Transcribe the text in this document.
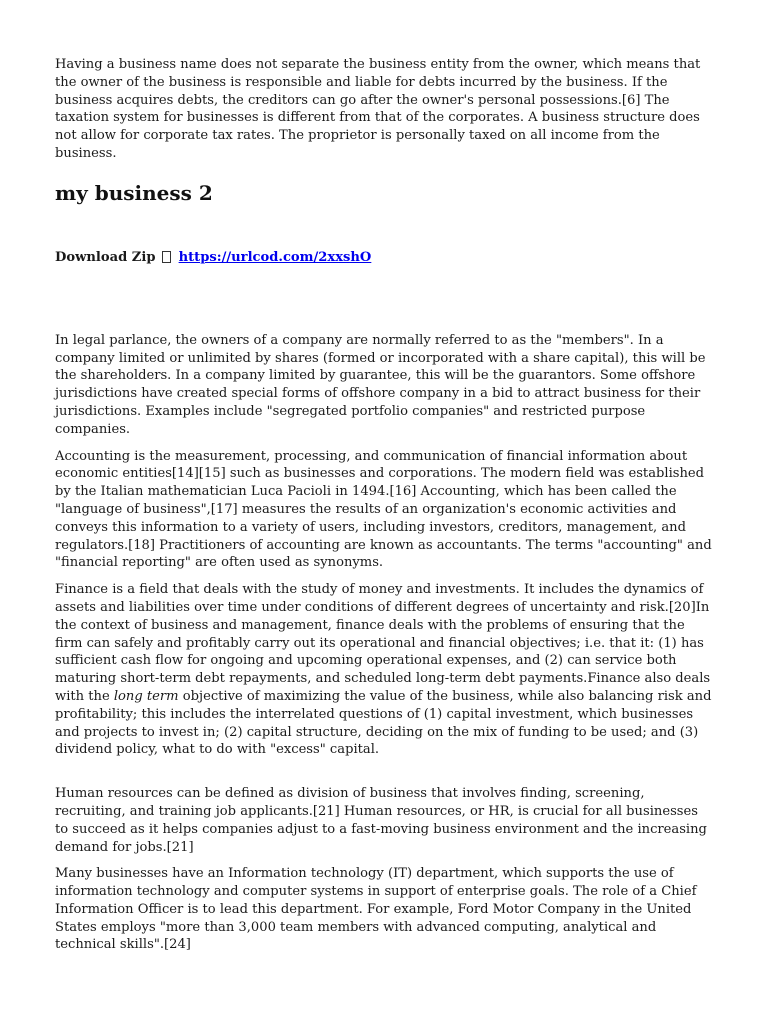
Having a business name does not separate the business entity from the owner, which means that the owner of the business is responsible and liable for debts incurred by the business. If the business acquires debts, the creditors can go after the owner's personal possessions.[6] The taxation system for businesses is different from that of the corporates. A business structure does not allow for corporate tax rates. The proprietor is personally taxed on all income from the business.

my business 2
Download Zip https://urlcod.com/2xxshO

In legal parlance, the owners of a company are normally referred to as the "members". In a company limited or unlimited by shares (formed or incorporated with a share capital), this will be the shareholders. In a company limited by guarantee, this will be the guarantors. Some offshore jurisdictions have created special forms of offshore company in a bid to attract business for their jurisdictions. Examples include "segregated portfolio companies" and restricted purpose companies.

Accounting is the measurement, processing, and communication of financial information about economic entities[14][15] such as businesses and corporations. The modern field was established by the Italian mathematician Luca Pacioli in 1494.[16] Accounting, which has been called the "language of business",[17] measures the results of an organization's economic activities and conveys this information to a variety of users, including investors, creditors, management, and regulators.[18] Practitioners of accounting are known as accountants. The terms "accounting" and "financial reporting" are often used as synonyms.

Finance is a field that deals with the study of money and investments. It includes the dynamics of assets and liabilities over time under conditions of different degrees of uncertainty and risk.[20]In the context of business and management, finance deals with the problems of ensuring that the firm can safely and profitably carry out its operational and financial objectives; i.e. that it: (1) has sufficient cash flow for ongoing and upcoming operational expenses, and (2) can service both maturing short-term debt repayments, and scheduled long-term debt payments.Finance also deals with the long term objective of maximizing the value of the business, while also balancing risk and profitability; this includes the interrelated questions of (1) capital investment, which businesses and projects to invest in; (2) capital structure, deciding on the mix of funding to be used; and (3) dividend policy, what to do with "excess" capital.

Human resources can be defined as division of business that involves finding, screening, recruiting, and training job applicants.[21] Human resources, or HR, is crucial for all businesses to succeed as it helps companies adjust to a fast-moving business environment and the increasing demand for jobs.[21]

Many businesses have an Information technology (IT) department, which supports the use of information technology and computer systems in support of enterprise goals. The role of a Chief Information Officer is to lead this department. For example, Ford Motor Company in the United States employs "more than 3,000 team members with advanced computing, analytical and technical skills".[24]
